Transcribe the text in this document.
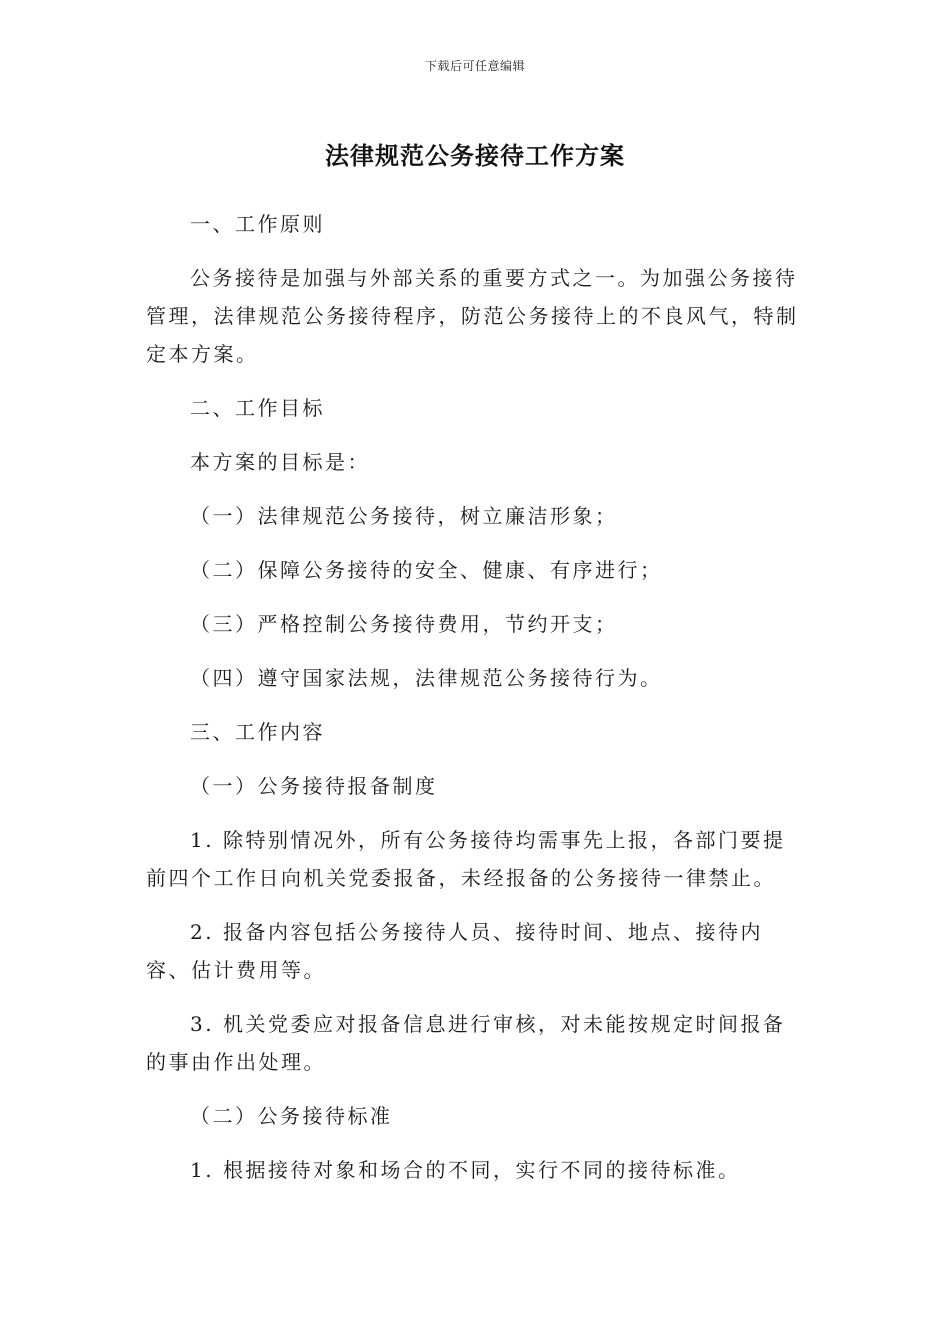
下载后可任意编辑
法律规范公务接待工作方案

一、工作原则

公务接待是加强与外部关系的重要方式之一。为加强公务接待管理，法律规范公务接待程序，防范公务接待上的不良风气，特制定本方案。

二、工作目标

本方案的目标是：

（一）法律规范公务接待，树立廉洁形象；

（二）保障公务接待的安全、健康、有序进行；

（三）严格控制公务接待费用，节约开支；

（四）遵守国家法规，法律规范公务接待行为。

三、工作内容

（一）公务接待报备制度

1. 除特别情况外，所有公务接待均需事先上报，各部门要提前四个工作日向机关党委报备，未经报备的公务接待一律禁止。

2. 报备内容包括公务接待人员、接待时间、地点、接待内容、估计费用等。

3. 机关党委应对报备信息进行审核，对未能按规定时间报备的事由作出处理。

（二）公务接待标准

1. 根据接待对象和场合的不同，实行不同的接待标准。
